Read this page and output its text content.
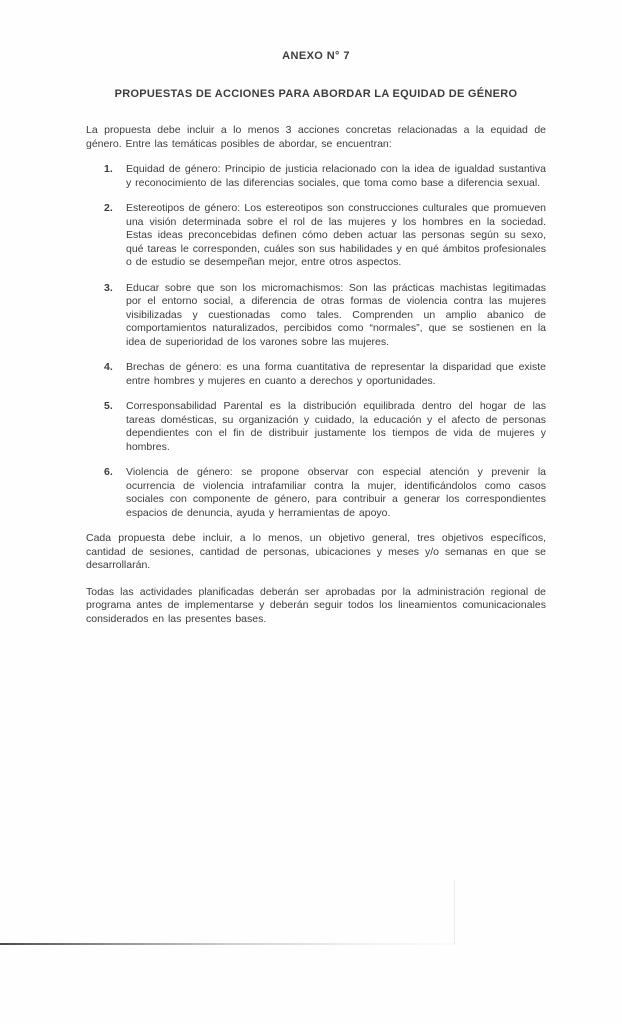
ANEXO N° 7
PROPUESTAS DE ACCIONES PARA ABORDAR LA EQUIDAD DE GÉNERO

La propuesta debe incluir a lo menos 3 acciones concretas relacionadas a la equidad de género. Entre las temáticas posibles de abordar, se encuentran:

1.	Equidad de género: Principio de justicia relacionado con la idea de igualdad sustantiva y reconocimiento de las diferencias sociales, que toma como base a diferencia sexual.
2.	Estereotipos de género: Los estereotipos son construcciones culturales que promueven una visión determinada sobre el rol de las mujeres y los hombres en la sociedad. Estas ideas preconcebidas definen cómo deben actuar las personas según su sexo, qué tareas le corresponden, cuáles son sus habilidades y en qué ámbitos profesionales o de estudio se desempeñan mejor, entre otros aspectos.
3.	Educar sobre que son los micromachismos: Son las prácticas machistas legitimadas por el entorno social, a diferencia de otras formas de violencia contra las mujeres visibilizadas y cuestionadas como tales. Comprenden un amplio abanico de comportamientos naturalizados, percibidos como “normales”, que se sostienen en la idea de superioridad de los varones sobre las mujeres.
4.	Brechas de género: es una forma cuantitativa de representar la disparidad que existe entre hombres y mujeres en cuanto a derechos y oportunidades.
5.	Corresponsabilidad Parental es la distribución equilibrada dentro del hogar de las tareas domésticas, su organización y cuidado, la educación y el afecto de personas dependientes con el fin de distribuir justamente los tiempos de vida de mujeres y hombres.
6.	Violencia de género: se propone observar con especial atención y prevenir la ocurrencia de violencia intrafamiliar contra la mujer, identificándolos como casos sociales con componente de género, para contribuir a generar los correspondientes espacios de denuncia, ayuda y herramientas de apoyo.

Cada propuesta debe incluir, a lo menos, un objetivo general, tres objetivos específicos, cantidad de sesiones, cantidad de personas, ubicaciones y meses y/o semanas en que se desarrollarán.

Todas las actividades planificadas deberán ser aprobadas por la administración regional de programa antes de implementarse y deberán seguir todos los lineamientos comunicacionales considerados en las presentes bases.
